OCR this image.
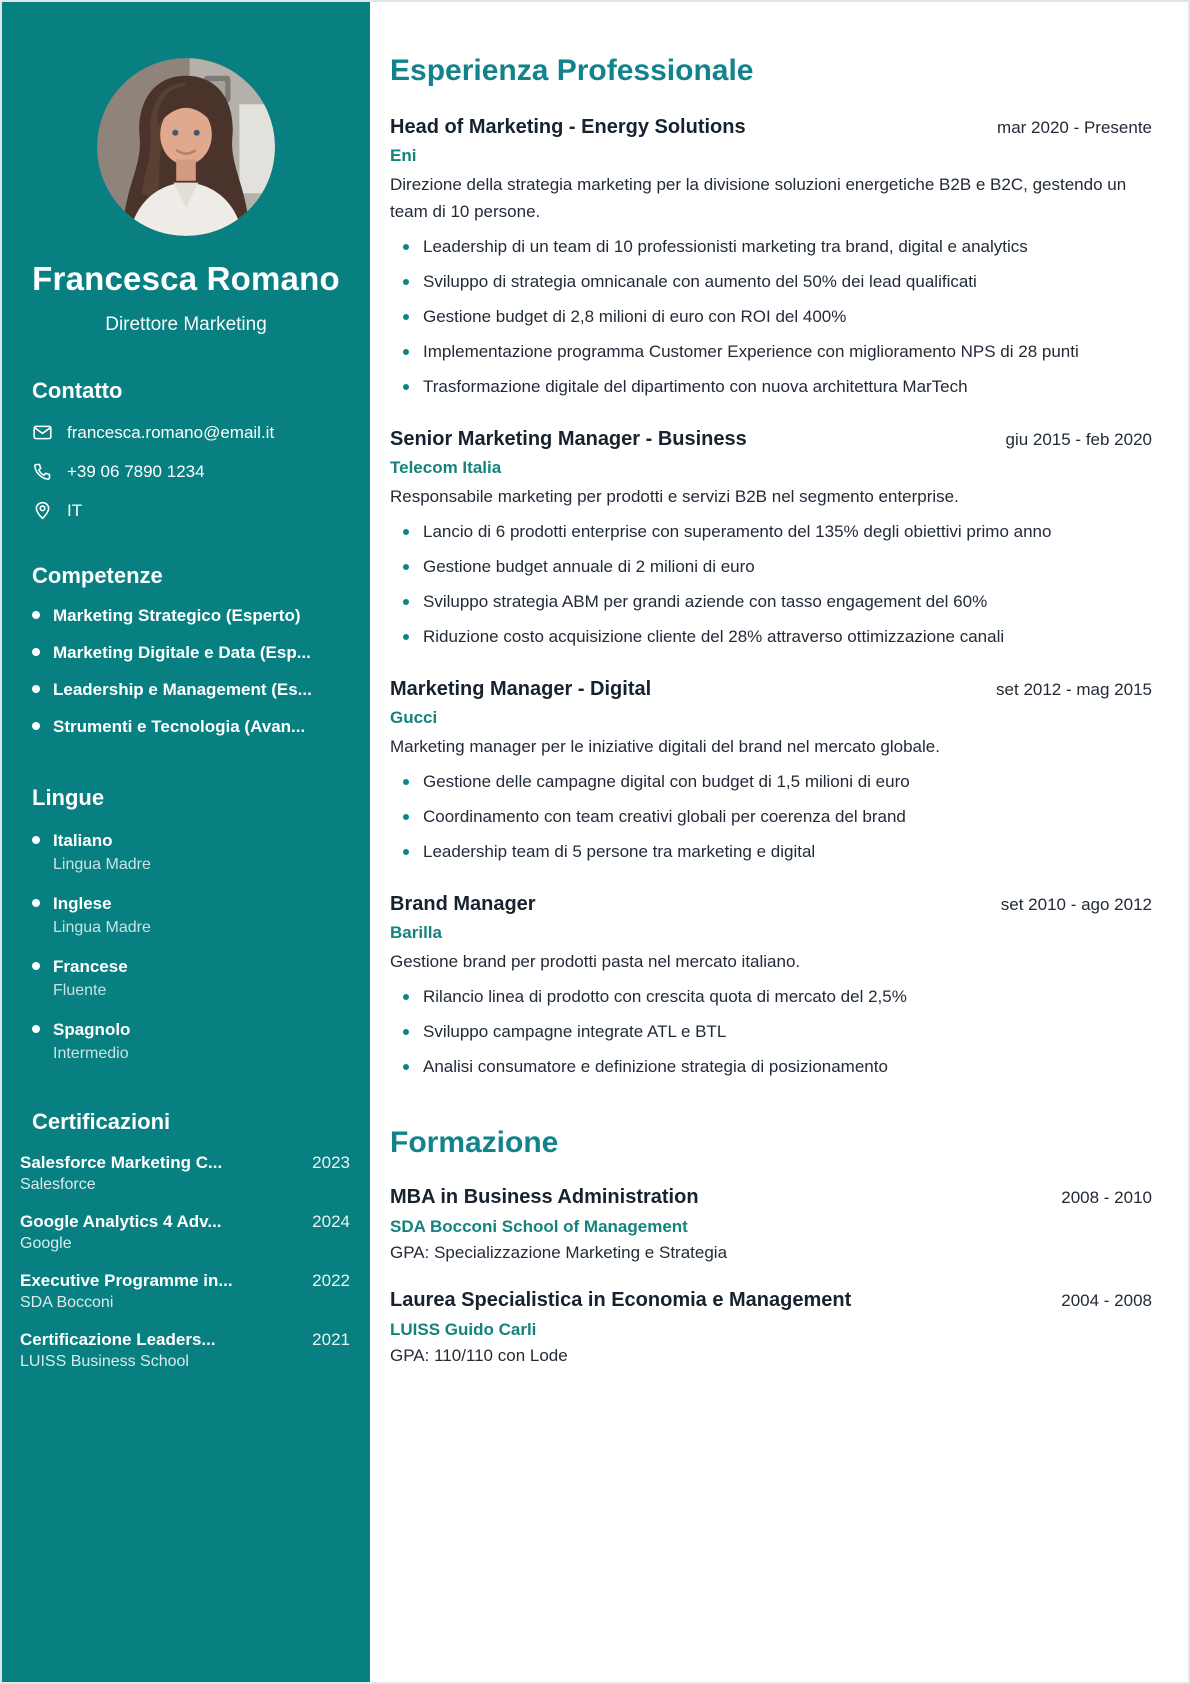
Francesca Romano
Direttore Marketing
Contatto
francesca.romano@email.it
+39 06 7890 1234
IT
Competenze
Marketing Strategico (Esperto)
Marketing Digitale e Data (Esp...
Leadership e Management (Es...
Strumenti e Tecnologia (Avan...
Lingue
Italiano
Lingua Madre
Inglese
Lingua Madre
Francese
Fluente
Spagnolo
Intermedio
Certificazioni
Salesforce Marketing C...	2023
Salesforce
Google Analytics 4 Adv...	2024
Google
Executive Programme in...	2022
SDA Bocconi
Certificazione Leaders...	2021
LUISS Business School
Esperienza Professionale
Head of Marketing - Energy Solutions	mar 2020 - Presente
Eni

Direzione della strategia marketing per la divisione soluzioni energetiche B2B e B2C, gestendo un team di 10 persone.

Leadership di un team di 10 professionisti marketing tra brand, digital e analytics
Sviluppo di strategia omnicanale con aumento del 50% dei lead qualificati
Gestione budget di 2,8 milioni di euro con ROI del 400%
Implementazione programma Customer Experience con miglioramento NPS di 28 punti
Trasformazione digitale del dipartimento con nuova architettura MarTech
Senior Marketing Manager - Business	giu 2015 - feb 2020
Telecom Italia

Responsabile marketing per prodotti e servizi B2B nel segmento enterprise.

Lancio di 6 prodotti enterprise con superamento del 135% degli obiettivi primo anno
Gestione budget annuale di 2 milioni di euro
Sviluppo strategia ABM per grandi aziende con tasso engagement del 60%
Riduzione costo acquisizione cliente del 28% attraverso ottimizzazione canali
Marketing Manager - Digital	set 2012 - mag 2015
Gucci

Marketing manager per le iniziative digitali del brand nel mercato globale.

Gestione delle campagne digital con budget di 1,5 milioni di euro
Coordinamento con team creativi globali per coerenza del brand
Leadership team di 5 persone tra marketing e digital
Brand Manager	set 2010 - ago 2012
Barilla

Gestione brand per prodotti pasta nel mercato italiano.

Rilancio linea di prodotto con crescita quota di mercato del 2,5%
Sviluppo campagne integrate ATL e BTL
Analisi consumatore e definizione strategia di posizionamento
Formazione
MBA in Business Administration	2008 - 2010
SDA Bocconi School of Management
GPA: Specializzazione Marketing e Strategia
Laurea Specialistica in Economia e Management	2004 - 2008
LUISS Guido Carli
GPA: 110/110 con Lode
